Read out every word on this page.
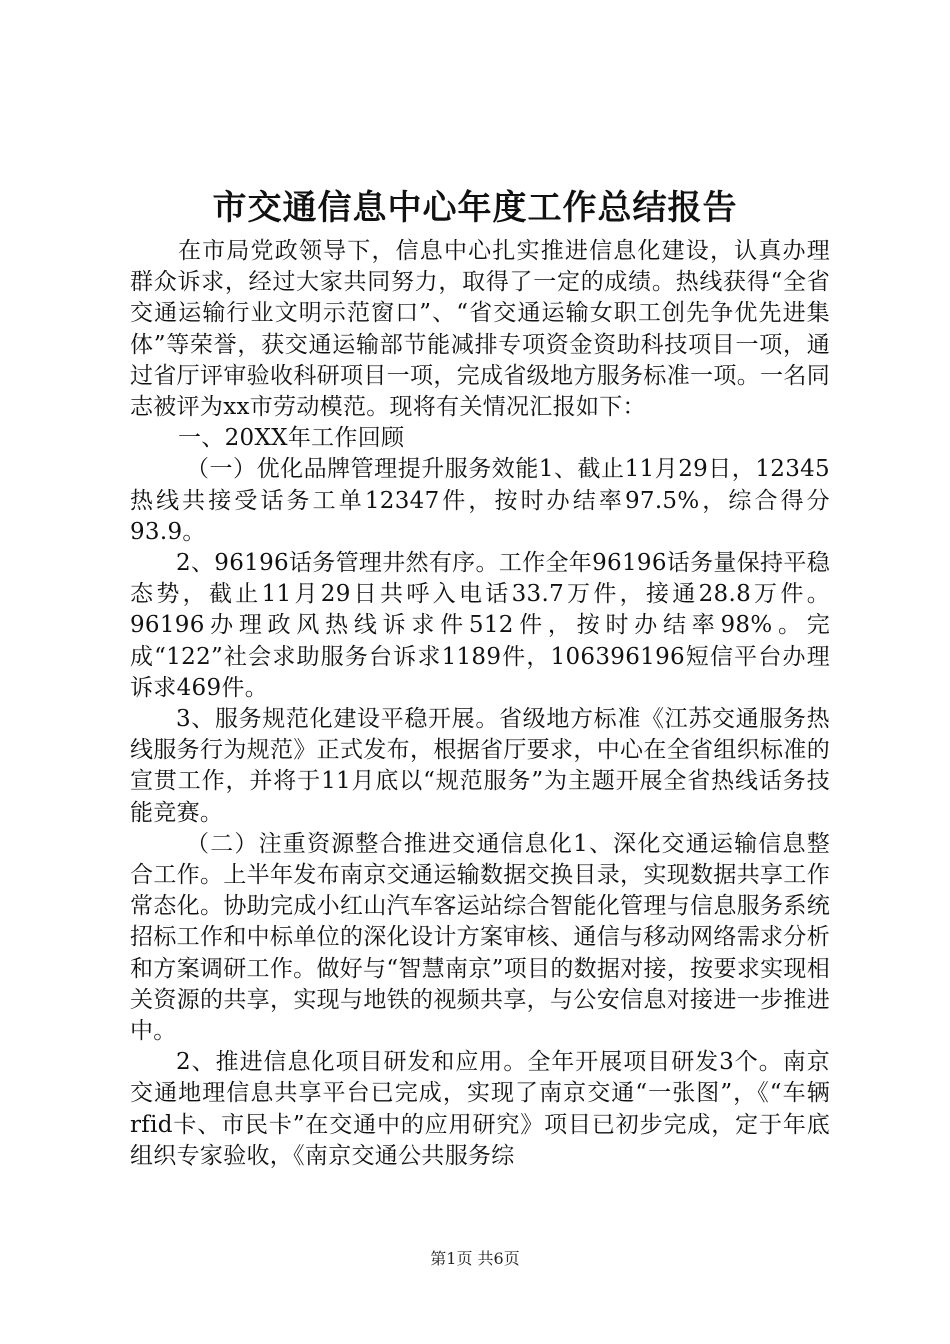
市交通信息中心年度工作总结报告

在市局党政领导下，信息中心扎实推进信息化建设，认真办理群众诉求，经过大家共同努力，取得了一定的成绩。热线获得“全省交通运输行业文明示范窗口”、“省交通运输女职工创先争优先进集体”等荣誉，获交通运输部节能减排专项资金资助科技项目一项，通过省厅评审验收科研项目一项，完成省级地方服务标准一项。一名同志被评为xx市劳动模范。现将有关情况汇报如下：

一、20XX年工作回顾

（一）优化品牌管理提升服务效能1、截止11月29日，12345热线共接受话务工单12347件，按时办结率97.5%，综合得分93.9。

2、96196话务管理井然有序。工作全年96196话务量保持平稳态势，截止11月29日共呼入电话33.7万件，接通28.8万件。96196办理政风热线诉求件512件，按时办结率98%。完成“122”社会求助服务台诉求1189件，106396196短信平台办理诉求469件。

3、服务规范化建设平稳开展。省级地方标准《江苏交通服务热线服务行为规范》正式发布，根据省厅要求，中心在全省组织标准的宣贯工作，并将于11月底以“规范服务”为主题开展全省热线话务技能竞赛。

（二）注重资源整合推进交通信息化1、深化交通运输信息整合工作。上半年发布南京交通运输数据交换目录，实现数据共享工作常态化。协助完成小红山汽车客运站综合智能化管理与信息服务系统招标工作和中标单位的深化设计方案审核、通信与移动网络需求分析和方案调研工作。做好与“智慧南京”项目的数据对接，按要求实现相关资源的共享，实现与地铁的视频共享，与公安信息对接进一步推进中。

2、推进信息化项目研发和应用。全年开展项目研发3个。南京交通地理信息共享平台已完成，实现了南京交通“一张图”，《“车辆rfid卡、市民卡”在交通中的应用研究》项目已初步完成，定于年底组织专家验收，《南京交通公共服务综

第1页 共6页
